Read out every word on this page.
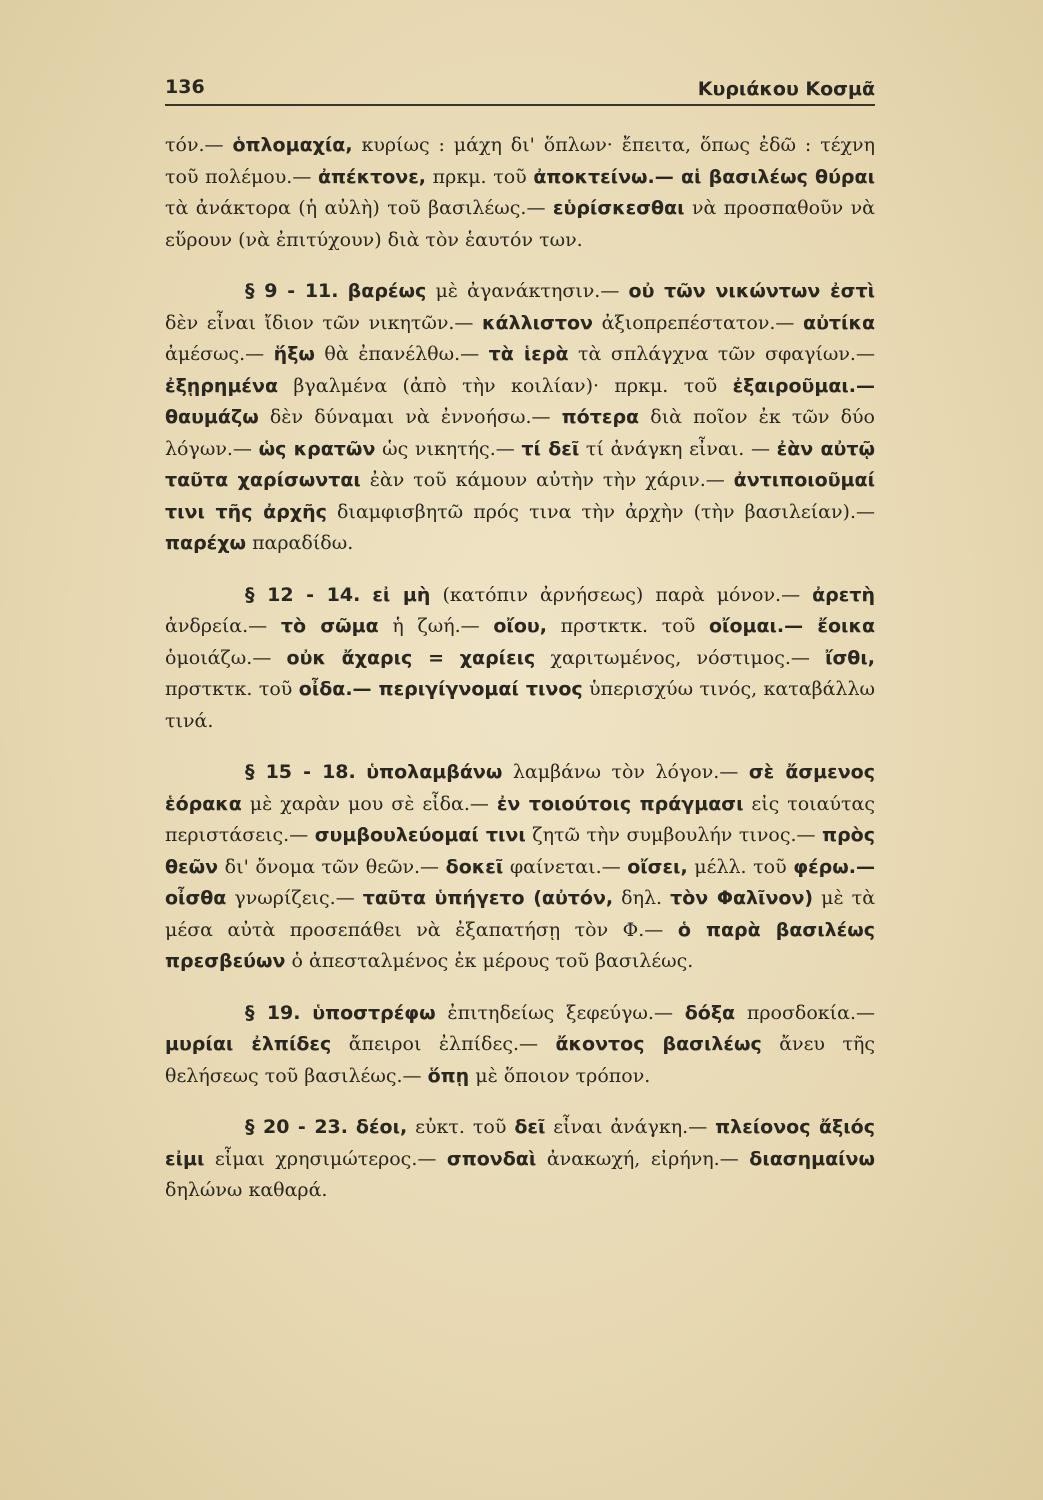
136	Κυριάκου Κοσμᾶ

τόν.— ὁπλομαχία, κυρίως : μάχη δι' ὅπλων· ἔπειτα, ὅπως ἐδῶ : τέχνη τοῦ πολέμου.— ἀπέκτονε, πρκμ. τοῦ ἀποκτείνω.— αἱ βασιλέως θύραι τὰ ἀνάκτορα (ἡ αὐλὴ) τοῦ βασιλέως.— εὑρίσκεσθαι νὰ προσπαθοῦν νὰ εὕρουν (νὰ ἐπιτύχουν) διὰ τὸν ἑαυτόν των.

§ 9 - 11. βαρέως μὲ ἀγανάκτησιν.— οὐ τῶν νικώντων ἐστὶ δὲν εἶναι ἴδιον τῶν νικητῶν.— κάλλιστον ἀξιοπρεπέστατον.— αὐτίκα ἀμέσως.— ἥξω θὰ ἐπανέλθω.— τὰ ἱερὰ τὰ σπλάγχνα τῶν σφαγίων.— ἐξῃρημένα βγαλμένα (ἀπὸ τὴν κοιλίαν)· πρκμ. τοῦ ἐξαιροῦμαι.— θαυμάζω δὲν δύναμαι νὰ ἐννοήσω.— πότερα διὰ ποῖον ἐκ τῶν δύο λόγων.— ὡς κρατῶν ὡς νικητής.— τί δεῖ τί ἀνάγκη εἶναι. — ἐὰν αὐτῷ ταῦτα χαρίσωνται ἐὰν τοῦ κάμουν αὐτὴν τὴν χάριν.— ἀντιποιοῦμαί τινι τῆς ἀρχῆς διαμφισβητῶ πρός τινα τὴν ἀρχὴν (τὴν βασιλείαν).— παρέχω παραδίδω.

§ 12 - 14. εἰ μὴ (κατόπιν ἀρνήσεως) παρὰ μόνον.— ἀρετὴ ἀνδρεία.— τὸ σῶμα ἡ ζωή.— οἴου, πρστκτκ. τοῦ οἴομαι.— ἔοικα ὁμοιάζω.— οὐκ ἄχαρις = χαρίεις χαριτωμένος, νόστιμος.— ἴσθι, πρστκτκ. τοῦ οἶδα.— περιγίγνομαί τινος ὑπερισχύω τινός, καταβάλλω τινά.

§ 15 - 18. ὑπολαμβάνω λαμβάνω τὸν λόγον.— σὲ ἄσμενος ἑόρακα μὲ χαρὰν μου σὲ εἶδα.— ἐν τοιούτοις πράγμασι εἰς τοιαύτας περιστάσεις.— συμβουλεύομαί τινι ζητῶ τὴν συμβουλήν τινος.— πρὸς θεῶν δι' ὄνομα τῶν θεῶν.— δοκεῖ φαίνεται.— οἴσει, μέλλ. τοῦ φέρω.—οἶσθα γνωρίζεις.— ταῦτα ὑπήγετο (αὐτόν, δηλ. τὸν Φαλῖνον) μὲ τὰ μέσα αὐτὰ προσεπάθει νὰ ἐξαπατήσῃ τὸν Φ.— ὁ παρὰ βασιλέως πρεσβεύων ὁ ἀπεσταλμένος ἐκ μέρους τοῦ βασιλέως.

§ 19. ὑποστρέφω ἐπιτηδείως ξεφεύγω.— δόξα προσδοκία.— μυρίαι ἐλπίδες ἄπειροι ἐλπίδες.— ἄκοντος βασιλέως ἄνευ τῆς θελήσεως τοῦ βασιλέως.— ὅπῃ μὲ ὅποιον τρόπον.

§ 20 - 23. δέοι, εὐκτ. τοῦ δεῖ εἶναι ἀνάγκη.— πλείονος ἄξιός εἰμι εἶμαι χρησιμώτερος.— σπονδαὶ ἀνακωχή, εἰρήνη.— διασημαίνω δηλώνω καθαρά.
